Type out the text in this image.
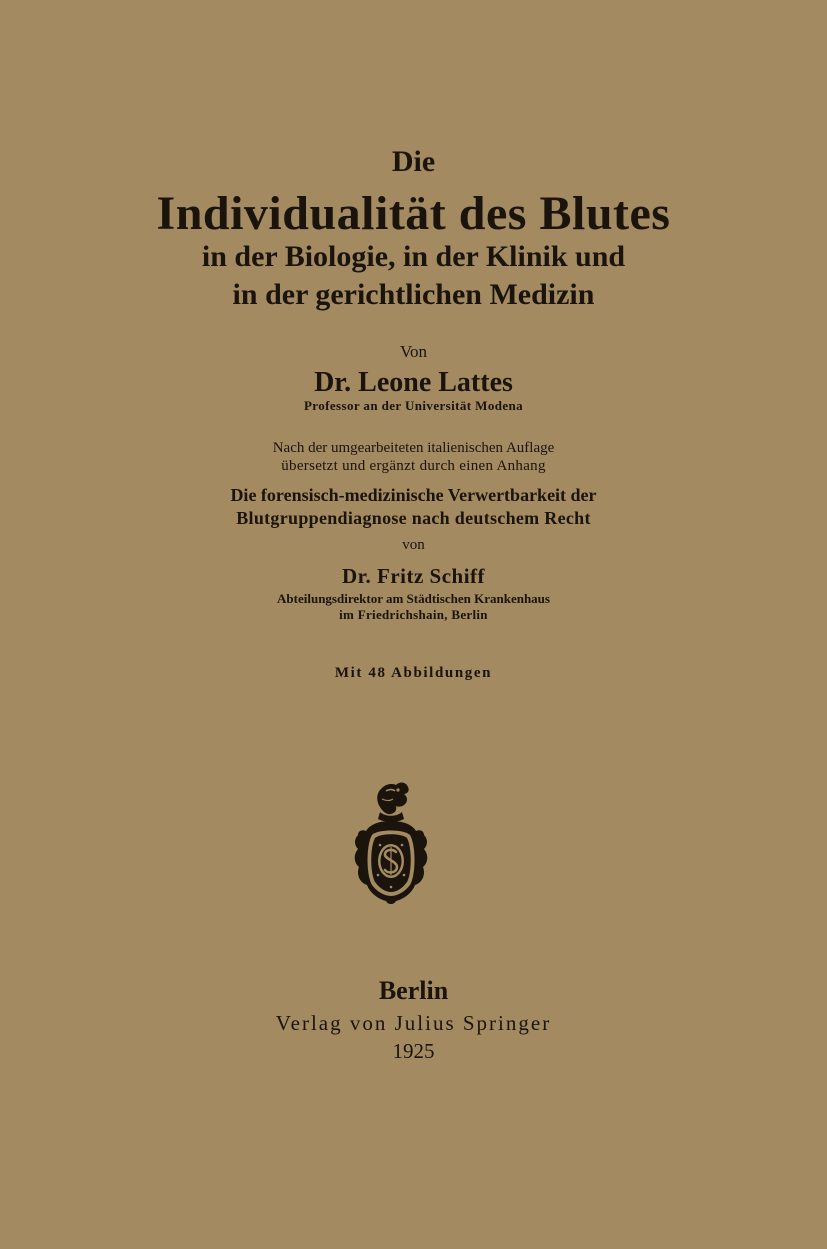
Die
Individualität des Blutes
in der Biologie, in der Klinik und
in der gerichtlichen Medizin
Von
Dr. Leone Lattes
Professor an der Universität Modena
Nach der umgearbeiteten italienischen Auflage
übersetzt und ergänzt durch einen Anhang
Die forensisch-medizinische Verwertbarkeit der
Blutgruppendiagnose nach deutschem Recht
von
Dr. Fritz Schiff
Abteilungsdirektor am Städtischen Krankenhaus
im Friedrichshain, Berlin
Mit 48 Abbildungen
Berlin
Verlag von Julius Springer
1925
